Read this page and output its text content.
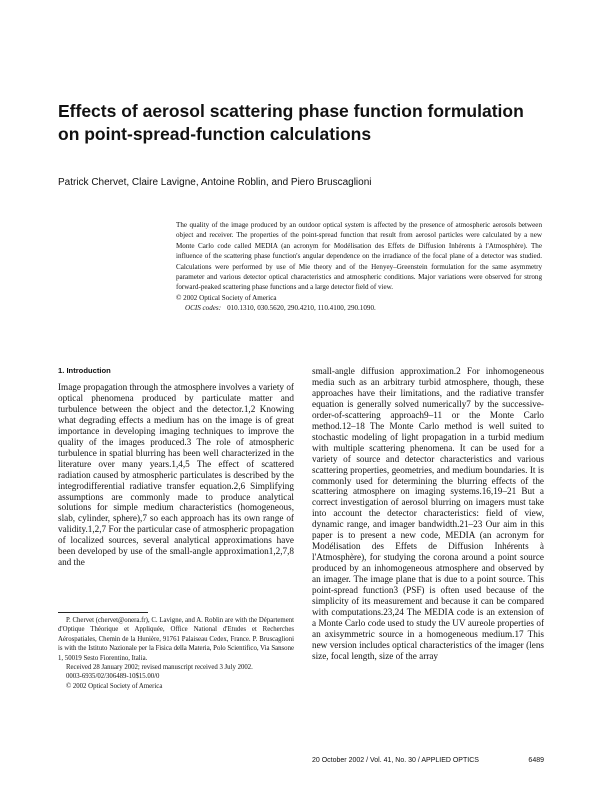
Effects of aerosol scattering phase function formulation on point-spread-function calculations
Patrick Chervet, Claire Lavigne, Antoine Roblin, and Piero Bruscaglioni

The quality of the image produced by an outdoor optical system is affected by the presence of atmospheric aerosols between object and receiver. The properties of the point-spread function that result from aerosol particles were calculated by a new Monte Carlo code called MEDIA (an acronym for Modélisation des Effets de Diffusion Inhérents à l'Atmosphère). The influence of the scattering phase function's angular dependence on the irradiance of the focal plane of a detector was studied. Calculations were performed by use of Mie theory and of the Henyey–Greenstein formulation for the same asymmetry parameter and various detector optical characteristics and atmospheric conditions. Major variations were observed for strong forward-peaked scattering phase functions and a large detector field of view.

© 2002 Optical Society of America

OCIS codes: 010.1310, 030.5620, 290.4210, 110.4100, 290.1090.

1. Introduction

Image propagation through the atmosphere involves a variety of optical phenomena produced by particulate matter and turbulence between the object and the detector.1,2 Knowing what degrading effects a medium has on the image is of great importance in developing imaging techniques to improve the quality of the images produced.3 The role of atmospheric turbulence in spatial blurring has been well characterized in the literature over many years.1,4,5 The effect of scattered radiation caused by atmospheric particulates is described by the integrodifferential radiative transfer equation.2,6 Simplifying assumptions are commonly made to produce analytical solutions for simple medium characteristics (homogeneous, slab, cylinder, sphere),7 so each approach has its own range of validity.1,2,7 For the particular case of atmospheric propagation of localized sources, several analytical approximations have been developed by use of the small-angle approximation1,2,7,8 and the

small-angle diffusion approximation.2 For inhomogeneous media such as an arbitrary turbid atmosphere, though, these approaches have their limitations, and the radiative transfer equation is generally solved numerically7 by the successive-order-of-scattering approach9–11 or the Monte Carlo method.12–18 The Monte Carlo method is well suited to stochastic modeling of light propagation in a turbid medium with multiple scattering phenomena. It can be used for a variety of source and detector characteristics and various scattering properties, geometries, and medium boundaries. It is commonly used for determining the blurring effects of the scattering atmosphere on imaging systems.16,19–21 But a correct investigation of aerosol blurring on imagers must take into account the detector characteristics: field of view, dynamic range, and imager bandwidth.21–23 Our aim in this paper is to present a new code, MEDIA (an acronym for Modélisation des Effets de Diffusion Inhérents à l'Atmosphère), for studying the corona around a point source produced by an inhomogeneous atmosphere and observed by an imager. The image plane that is due to a point source. This point-spread function3 (PSF) is often used because of the simplicity of its measurement and because it can be compared with computations.23,24 The MEDIA code is an extension of a Monte Carlo code used to study the UV aureole properties of an axisymmetric source in a homogeneous medium.17 This new version includes optical characteristics of the imager (lens size, focal length, size of the array

P. Chervet (chervet@onera.fr), C. Lavigne, and A. Roblin are with the Département d'Optique Théorique et Appliquée, Office National d'Etudes et Recherches Aérospatiales, Chemin de la Hunière, 91761 Palaiseau Cedex, France. P. Bruscaglioni is with the Istituto Nazionale per la Fisica della Materia, Polo Scientifico, Via Sansone 1, 50019 Sesto Fiorentino, Italia.

Received 28 January 2002; revised manuscript received 3 July 2002.

0003-6935/02/306489-10$15.00/0

© 2002 Optical Society of America

20 October 2002 / Vol. 41, No. 30 / APPLIED OPTICS	6489
